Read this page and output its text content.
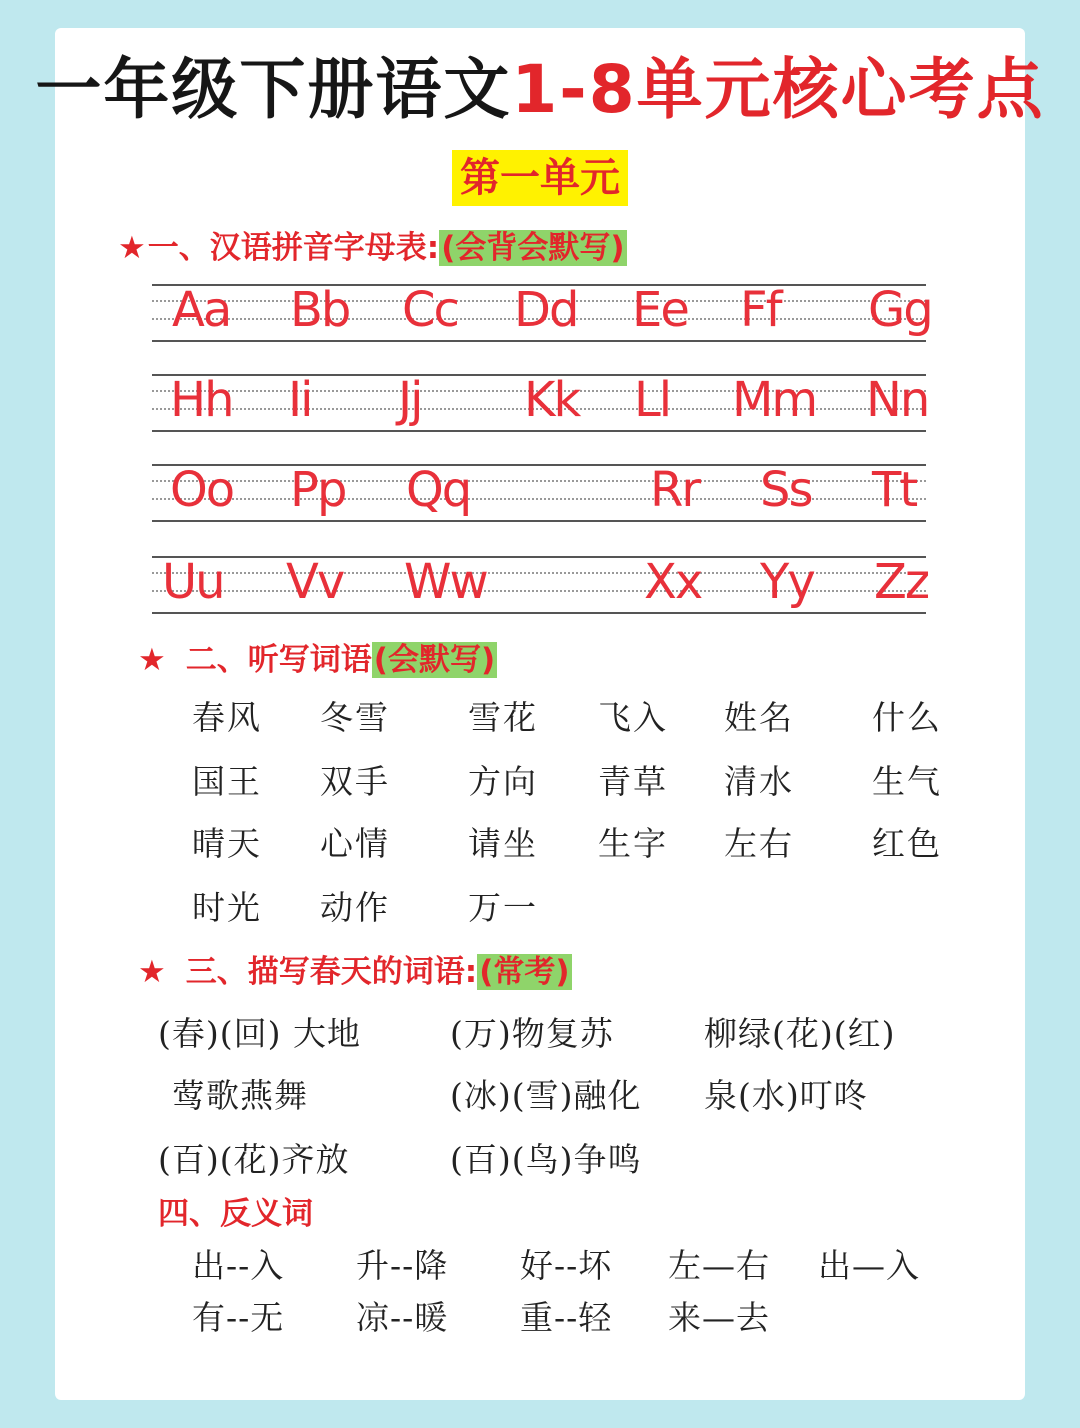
一年级下册语文1-8单元核心考点
第一单元
★一、汉语拼音字母表:(会背会默写)
Aa Bb Cc Dd Ee Ff Gg
Hh Ii Jj Kk Ll Mm Nn
Oo Pp Qq	Rr Ss Tt
Uu Vv Ww	Xx Yy Zz
★ 二、听写词语(会默写)
春风 冬雪 雪花 飞入 姓名 什么
国王 双手 方向 青草 清水 生气
晴天 心情 请坐 生字 左右 红色
时光 动作 万一
★ 三、描写春天的词语:(常考)
(春)(回) 大地	(万)物复苏	柳绿(花)(红)
莺歌燕舞	(冰)(雪)融化 泉(水)叮咚
(百)(花)齐放	(百)(鸟)争鸣
四、反义词
出--入 升--降 好--坏 左—右 出—入
有--无 凉--暖 重--轻 来—去
